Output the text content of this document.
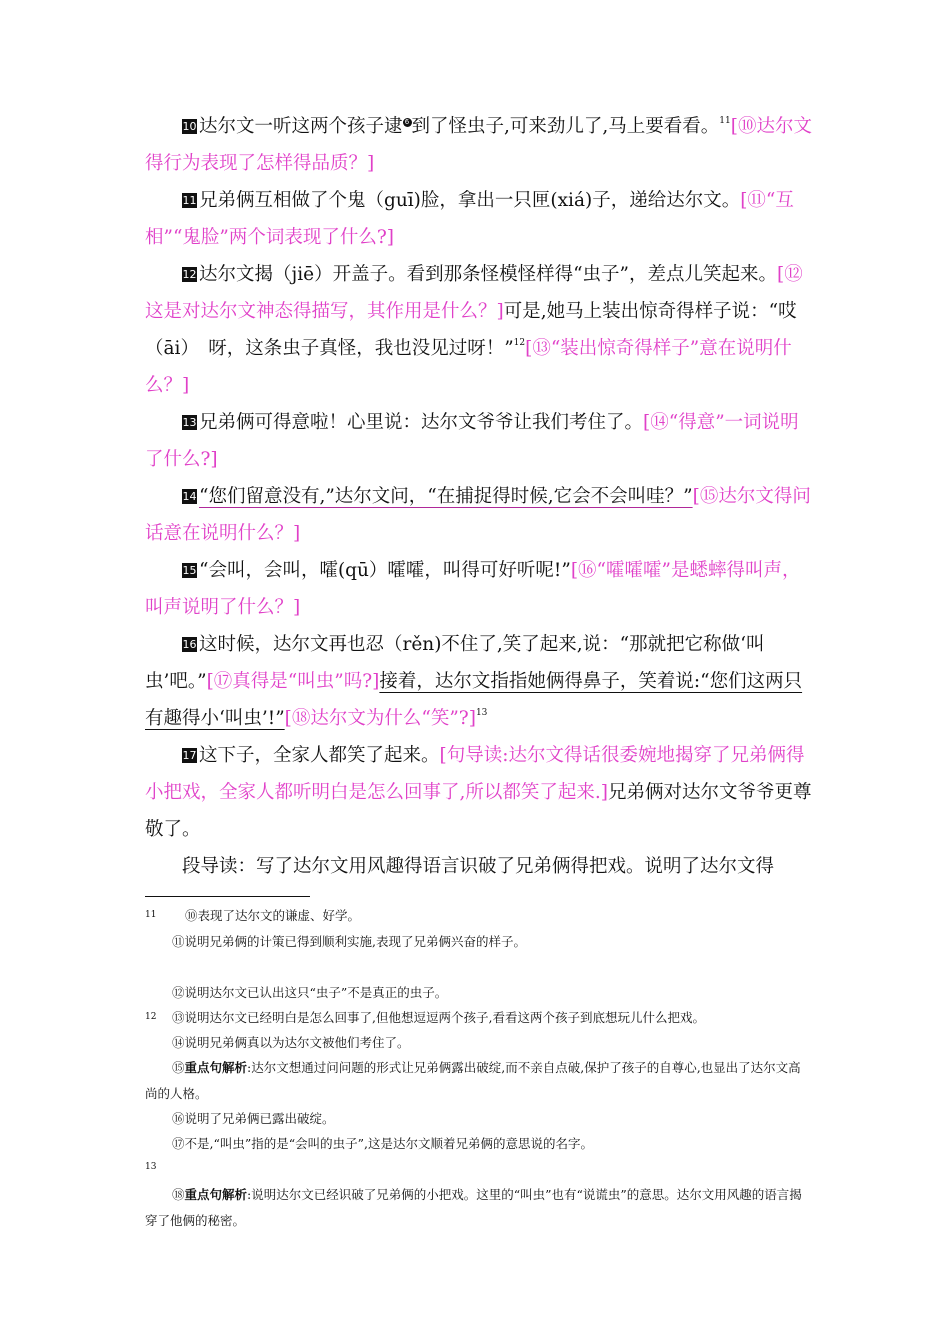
10 达尔文一听这两个孩子逮 6 到了怪虫子,可来劲儿了,马上要看看。$^{11}$[⑩达尔文得行为表现了怎样得品质？]

11 兄弟俩互相做了个鬼（guī)脸，拿出一只匣(xiá)子，递给达尔文。[⑪“互相”“鬼脸”两个词表现了什么?]

12 达尔文揭（jiē）开盖子。看到那条怪模怪样得“虫子”，差点儿笑起来。[⑫这是对达尔文神态得描写，其作用是什么？]可是,她马上装出惊奇得样子说：“哎（āi）　呀，这条虫子真怪，我也没见过呀！”$^{12}$[⑬“装出惊奇得样子”意在说明什么？]

13 兄弟俩可得意啦！心里说：达尔文爷爷让我们考住了。[⑭“得意”一词说明了什么?]

14 “您们留意没有,”达尔文问，“在捕捉得时候,它会不会叫哇？”[⑮达尔文得问话意在说明什么？]

15 “会叫，会叫，嚯(qū）嚯嚯，叫得可好听呢!”[⑯“嚯嚯嚯”是蟋蟀得叫声，叫声说明了什么？]

16 这时候，达尔文再也忍（rěn)不住了,笑了起来,说：“那就把它称做‘叫虫’吧。”[⑰真得是“叫虫”吗?]接着，达尔文指指她俩得鼻子，笑着说:“您们这两只有趣得小‘叫虫’!”[⑱达尔文为什么“笑”?]$^{13}$

17 这下子，全家人都笑了起来。[句导读:达尔文得话很委婉地揭穿了兄弟俩得小把戏，全家人都听明白是怎么回事了,所以都笑了起来.]兄弟俩对达尔文爷爷更尊敬了。

段导读：写了达尔文用风趣得语言识破了兄弟俩得把戏。说明了达尔文得

11 ⑩表现了达尔文的谦虚、好学。
⑪说明兄弟俩的计策已得到顺利实施,表现了兄弟俩兴奋的样子。
⑫说明达尔文已认出这只“虫子”不是真正的虫子。
12 ⑬说明达尔文已经明白是怎么回事了,但他想逗逗两个孩子,看看这两个孩子到底想玩儿什么把戏。
⑭说明兄弟俩真以为达尔文被他们考住了。
⑮重点句解析:达尔文想通过问问题的形式让兄弟俩露出破绽,而不亲自点破,保护了孩子的自尊心,也显出了达尔文高尚的人格。
⑯说明了兄弟俩已露出破绽。
⑰不是,“叫虫”指的是“会叫的虫子”,这是达尔文顺着兄弟俩的意思说的名字。
13
⑱重点句解析:说明达尔文已经识破了兄弟俩的小把戏。这里的“叫虫”也有“说谎虫”的意思。达尔文用风趣的语言揭穿了他俩的秘密。
